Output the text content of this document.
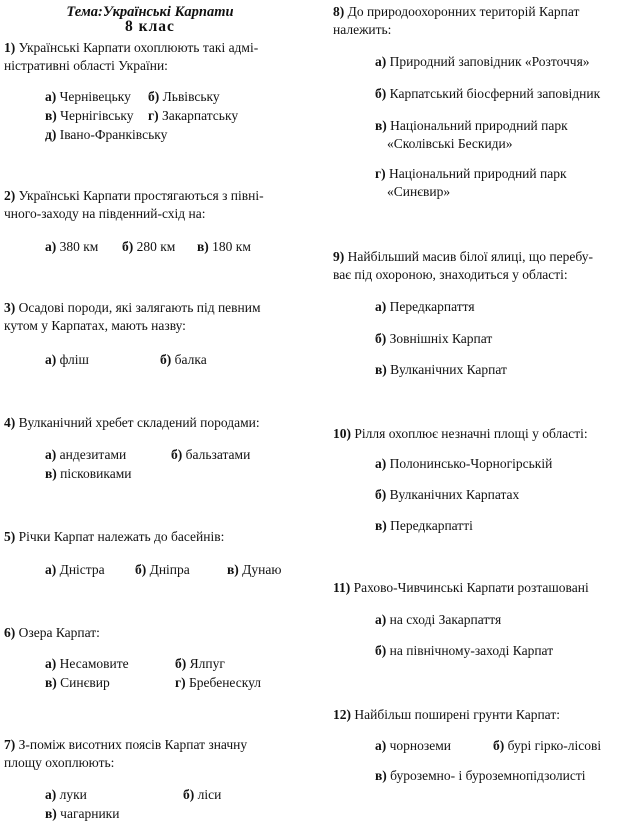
Тема:Українські Карпати
8 клас
1) Українські Карпати охоплюють такі адмі-
ністративні області України:
а) Чернівецьку б) Львівську
в) Чернігівську г) Закарпатську
д) Івано-Франківську
2) Українські Карпати простягаються з півні-
чного-заходу на південний-схід на:
а) 380 км б) 280 км в) 180 км
3) Осадові породи, які залягають під певним
кутом у Карпатах, мають назву:
а) фліш	б) балка
4) Вулканічний хребет складений породами:
а) андезитами	б) бальзатами
в) пісковиками
5) Річки Карпат належать до басейнів:
а) Дністра б) Дніпра	в) Дунаю
6) Озера Карпат:
а) Несамовите	б) Ялпуг
в) Синєвир	г) Бребенескул
7) З-поміж висотних поясів Карпат значну
площу охоплюють:
а) луки	б) ліси
в) чагарники
8) До природоохоронних територій Карпат
належить:
а) Природний заповідник «Розточчя»
б) Карпатський біосферний заповідник
в) Національний природний парк
«Сколівські Бескиди»
г) Національний природний парк
«Синєвир»
9) Найбільший масив білої ялиці, що перебу-
ває під охороною, знаходиться у області:
а) Передкарпаття
б) Зовнішніх Карпат
в) Вулканічних Карпат
10) Рілля охоплює незначні площі у області:
а) Полонинсько-Чорногірській
б) Вулканічних Карпатах
в) Передкарпатті
11) Рахово-Чивчинські Карпати розташовані
а) на сході Закарпаття
б) на північному-заході Карпат
12) Найбільш поширені грунти Карпат:
а) чорноземи	б) бурі гірко-лісові
в) буроземно- і буроземнопідзолисті
